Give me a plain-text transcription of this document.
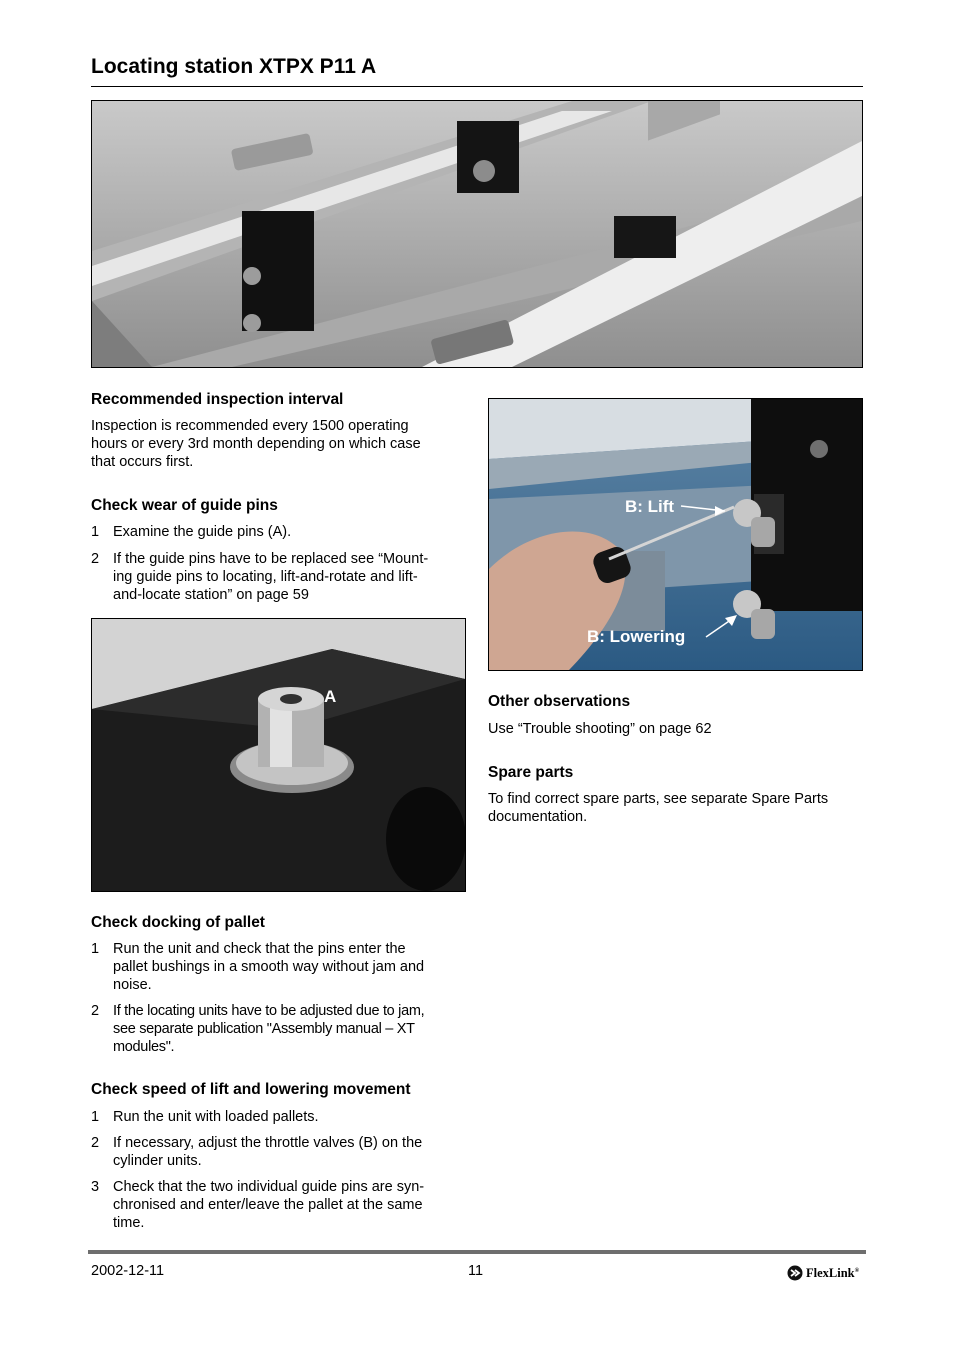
Locating station XTPX P11 A
Recommended inspection interval

Inspection is recommended every 1500 operating
hours or every 3rd month depending on which case
that occurs first.

Check wear of guide pins
1 Examine the guide pins (A).
2 If the guide pins have to be replaced see “Mount-
ing guide pins to locating, lift-and-rotate and lift-
and-locate station” on page 59
A
Check docking of pallet
1 Run the unit and check that the pins enter the
pallet bushings in a smooth way without jam and
noise.
2 If the locating units have to be adjusted due to jam,
see separate publication "Assembly manual – XT
modules".
Check speed of lift and lowering movement
1 Run the unit with loaded pallets.
2 If necessary, adjust the throttle valves (B) on the
cylinder units.
3 Check that the two individual guide pins are syn-
chronised and enter/leave the pallet at the same
time.
B: Lift
B: Lowering
Other observations

Use “Trouble shooting” on page 62

Spare parts

To find correct spare parts, see separate Spare Parts
documentation.

2002-12-11	11	FlexLink®
